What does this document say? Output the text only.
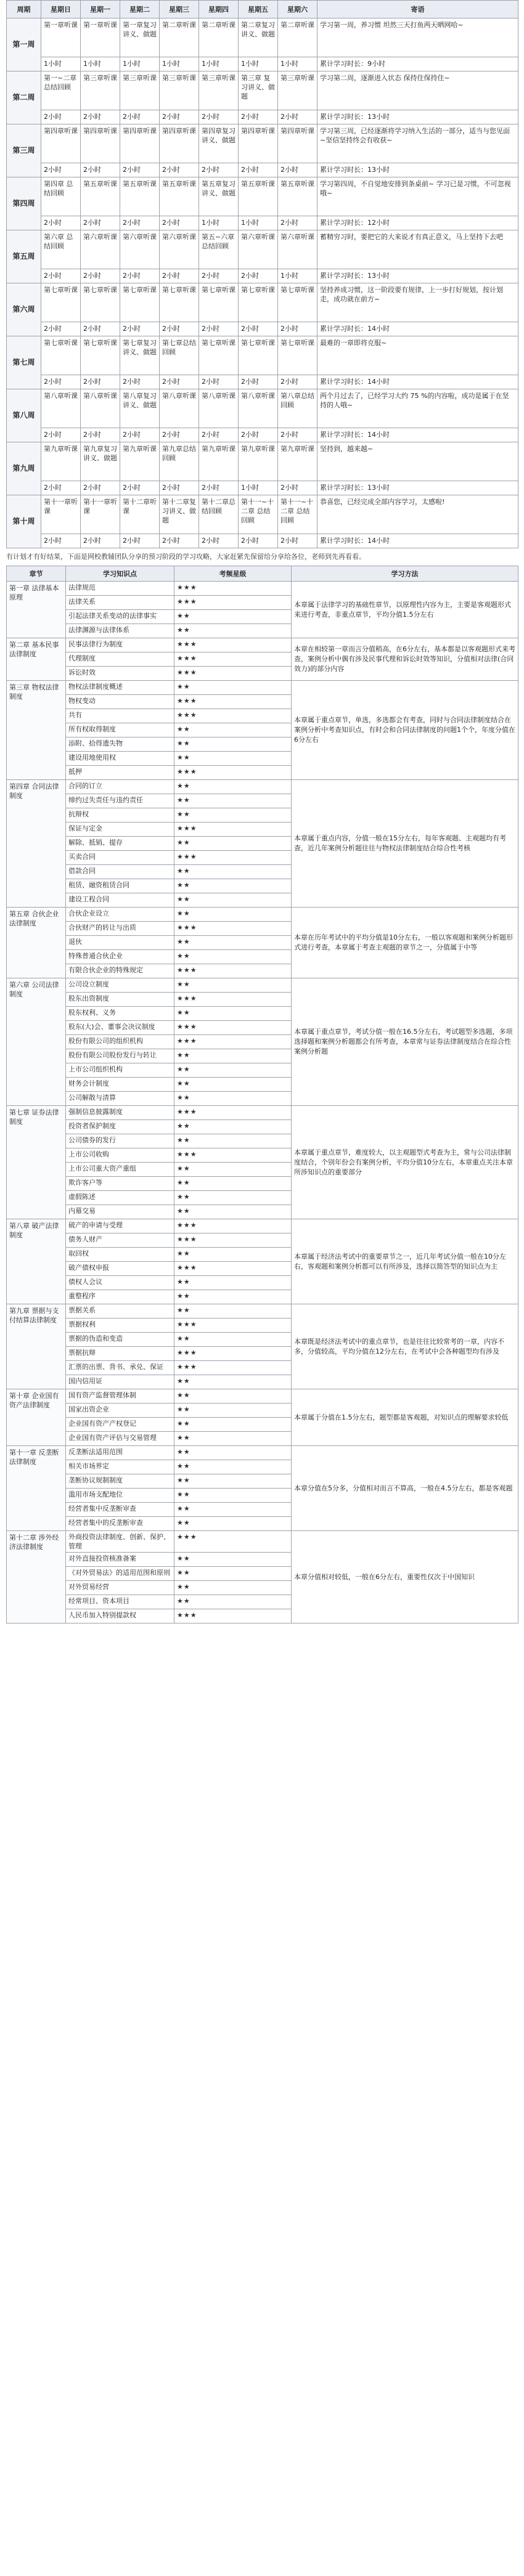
周期	星期日	星期一	星期二	星期三	星期四	星期五	星期六	寄语
第一周	第一章听课	第一章听课	第一章复习讲义、做题	第二章听课	第二章听课	第二章复习讲义、做题	第二章听课	学习第一周，养习惯 坦然三天打鱼两天晒网哈~
	1小时	1小时	1小时	1小时	1小时	1小时	1小时	累计学习时长：9小时
第二周	第一~二章 总结回顾	第三章听课	第三章听课	第三章听课	第三章听课	第三章 复习讲义、做题	第三章听课	学习第二周，逐渐进入状态 保持住保持住~
	2小时	2小时	2小时	2小时	2小时	2小时	2小时	累计学习时长：13小时
第三周	第四章听课	第四章听课	第四章听课	第四章听课	第四章复习讲义、做题	第四章听课	第四章听课	学习第三周，已经逐渐将学习纳入生活的一部分，适当与您见面~坚信坚持终会有收获~
	2小时	2小时	2小时	2小时	2小时	2小时	2小时	累计学习时长：13小时
第四周	第四章 总结回顾	第五章听课	第五章听课	第五章听课	第五章复习讲义、做题	第五章听课	第五章听课	学习第四周，不自觉地安排到条桌前~ 学习已是习惯，不可忽视哦~
	2小时	2小时	2小时	2小时	1小时	1小时	2小时	累计学习时长：12小时
第五周	第六章 总结回顾	第六章听课	第六章听课	第六章听课	第五~六章 总结回顾	第六章听课	第六章听课	蓄精穷习时，要把它的大来说才有真正意义，马上坚持下去吧
	2小时	2小时	2小时	2小时	2小时	2小时	1小时	累计学习时长：13小时
第六周	第七章听课	第七章听课	第七章听课	第七章听课	第七章听课	第七章听课	第七章听课	坚持养成习惯，这一阶段要有规律，上一步打好规划，按计划走，成功就在前方~
	2小时	2小时	2小时	2小时	2小时	2小时	2小时	累计学习时长：14小时
第七周	第七章听课	第七章听课	第七章复习讲义、做题	第七章总结回顾	第七章听课	第七章听课	第七章听课	最难的一章即将克服~
	2小时	2小时	2小时	2小时	2小时	2小时	2小时	累计学习时长：14小时
第八周	第八章听课	第八章听课	第八章复习讲义、做题	第八章听课	第八章听课	第八章听课	第八章总结回顾	两个月过去了，已经学习大约 75 %的内容啦，成功是属于在坚持的人哦~
	2小时	2小时	2小时	2小时	2小时	2小时	2小时	累计学习时长：14小时
第九周	第九章听课	第九章复习讲义、做题	第九章听课	第九章总结回顾	第九章听课	第九章听课	第九章听课	坚持到，越来越~
	2小时	2小时	2小时	2小时	2小时	1小时	2小时	累计学习时长：13小时
第十周	第十一章听课	第十一章听课	第十二章听课	第十二章复习讲义、做题	第十二章总结回顾	第十一~十二章 总结回顾	第十一~十二章 总结回顾	恭喜您，已经完成全部内容学习，太感啦!
	2小时	2小时	2小时	2小时	2小时	2小时	2小时	累计学习时长：14小时
有计划才有好结果，下面是网校教辅团队分享的预习阶段的学习攻略，大家赶紧先保留给分享给各位，老师到先再看看。
章节	学习知识点	考频星级	学习方法
第一章 法律基本原理	法律规范	★★★	本章属于法律学习的基础性章节，以原理性内容为主，主要是客观题形式来进行考查，非重点章节，平均分值1.5分左右
	法律关系	★★★	
	引起法律关系变动的法律事实	★★	
	法律渊源与法律体系	★★	
第二章 基本民事法律制度	民事法律行为制度	★★★	本章在相较第一章而言分值稍高，在6分左右，基本都是以客观题形式来考查，案例分析中偶有涉及民事代理和诉讼时效等知识，分值相对法律(合同效力)的部分内容
	代理制度	★★★	
	诉讼时效	★★★	
第三章 物权法律制度	物权法律制度概述	★★	本章属于重点章节，单选，多选都会有考查，同时与合同法律制度结合在案例分析中考查知识点，有时会和合同法律制度的问题1个个，年度分值在6分左右
	物权变动	★★★	
	共有	★★★	
	所有权取得制度	★★	
	添附、拾得遗失物	★★	
	建设用地使用权	★★	
	抵押	★★★	
第四章 合同法律制度	合同的订立	★★	本章属于重点内容，分值一般在15分左右，每年客观题、主观题均有考查，近几年案例分析题往往与物权法律制度结合综合性考核
	缔约过失责任与违约责任	★★	
	抗辩权	★★	
	保证与定金	★★★	
	解除、抵销、提存	★★	
	买卖合同	★★★	
	借款合同	★★	
	租赁、融资租赁合同	★★	
	建设工程合同	★★	
第五章 合伙企业法律制度	合伙企业设立	★★	本章在历年考试中的平均分值是10分左右，一般以客观题和案例分析题形式进行考查，本章属于考查主观题的章节之一，分值属于中等
	合伙财产的转让与出质	★★★	
	退伙	★★	
	特殊普通合伙企业	★★	
	有限合伙企业的特殊规定	★★★	
第六章 公司法律制度	公司设立制度	★★	本章属于重点章节，考试分值一般在16.5分左右，考试题型多选题，多项选择题和案例分析题都会有所考查，本章常与证券法律制度结合在综合性案例分析题
	股东出资制度	★★★	
	股东权利、义务	★★	
	股东(大)会、董事会决议制度	★★★	
	股份有限公司的组织机构	★★★	
	股份有限公司股份发行与转让	★★	
	上市公司组织机构	★★	
	财务会计制度	★★	
	公司解散与清算	★★	
第七章 证券法律制度	强制信息披露制度	★★★	本章属于重点章节，难度较大，以主观题型式考查为主，常与公司法律制度结合，个别年份会有案例分析，平均分值10分左右，本章重点关注本章所涉知识点的重要部分
	投资者保护制度	★★	
	公司债券的发行	★★	
	上市公司收购	★★★	
	上市公司重大资产重组	★★	
	欺诈客户等	★★	
	虚假陈述	★★	
	内幕交易	★★	
第八章 破产法律制度	破产的申请与受理	★★★	本章属于经济法考试中的重要章节之一，近几年考试分值一般在10分左右，客观题和案例分析都可以有所涉及，选择以简答型的知识点为主
	债务人财产	★★★	
	取回权	★★	
	破产债权申报	★★★	
	债权人会议	★★	
	重整程序	★★	
第九章 票据与支付结算法律制度	票据关系	★★	本章既是经济法考试中的重点章节，也是往往比较常考的一章，内容不多，分值较高，平均分值在12分左右，在考试中会各种题型均有涉及
	票据权利	★★★	
	票据的伪造和变造	★★	
	票据抗辩	★★★	
	汇票的出票、背书、承兑、保证	★★★	
	国内信用证	★★	
第十章 企业国有资产法律制度	国有资产监督管理体制	★★	本章属于分值在1.5分左右，题型都是客观题，对知识点的理解要求较低
	国家出资企业	★★	
	企业国有资产产权登记	★★	
	企业国有资产评估与交易管理	★★	
第十一章 反垄断法律制度	反垄断法适用范围	★★	本章分值在5分多，分值相对而言不算高，一般在4.5分左右，都是客观题
	相关市场界定	★★	
	垄断协议规制制度	★★	
	滥用市场支配地位	★★	
	经营者集中反垄断审查	★★	
	经营者集中的反垄断审查	★★	
第十二章 涉外经济法律制度	外商投资法律制度、创新、保护、管理	★★★	本章分值相对较低，一般在6分左右，重要性仅次于中国知识
	对外直接投资核准备案	★★	
	《对外贸易法》的适用范围和原则	★★	
	对外贸易经营	★★	
	经常项目、资本项目	★★	
	人民币加入特别提款权	★★★	
